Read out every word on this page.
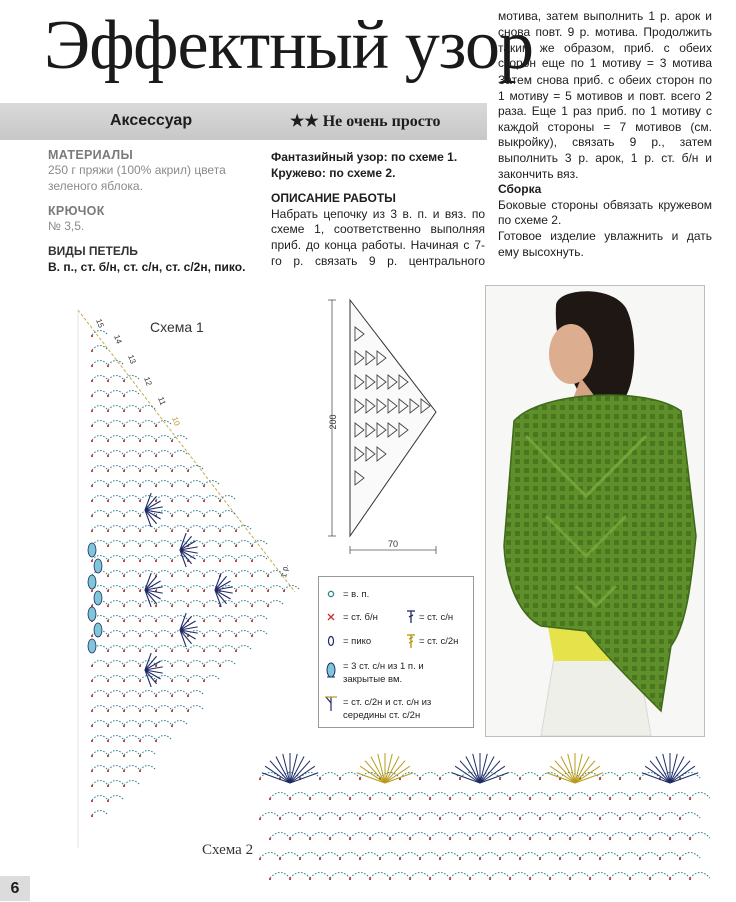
Эффектный узор
Аксессуар	★★ Не очень просто

МАТЕРИАЛЫ

250 г пряжи (100% акрил) цвета зеленого яблока.

КРЮЧОК

№ 3,5.

ВИДЫ ПЕТЕЛЬ

В. п., ст. б/н, ст. с/н, ст. с/2н, пико.

Фантазийный узор: по схеме 1.

Кружево: по схеме 2.

ОПИСАНИЕ РАБОТЫ

Набрать цепочку из 3 в. п. и вяз. по схеме 1, соответственно выполняя приб. до конца работы. Начиная с 7-го р. связать 9 р. центрального

мотива, затем выполнить 1 р. арок и снова повт. 9 р. мотива. Продолжить таким же образом, приб. с обеих сторон еще по 1 мотиву = 3 мотива

Затем снова приб. с обеих сторон по 1 мотиву = 5 мотивов и повт. всего 2 раза. Еще 1 раз приб. по 1 мотиву с каждой стороны = 7 мотивов (см. выкройку), связать 9 р., затем выполнить 3 р. арок, 1 р. ст. б/н и закончить вяз.

Сборка

Боковые стороны обвязать кружевом по схеме 2.

Готовое изделие увлажнить и дать ему высохнуть.

Схема 1
15
14
13
12
11
10
1 р.
200
70
= в. п.
= ст. б/н	= ст. с/н
= пико	= ст. с/2н
= 3 ст. с/н из 1 п. и
закрытые вм.
= ст. с/2н и ст. с/н из
середины ст. с/2н
Схема 2
6
